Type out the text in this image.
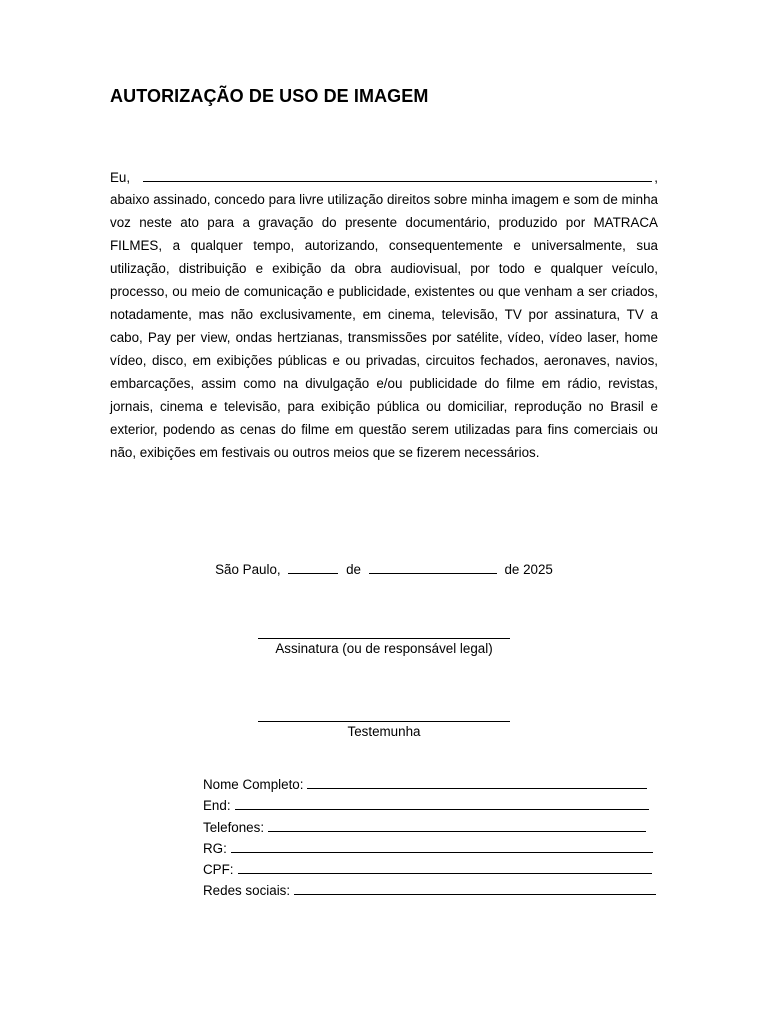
AUTORIZAÇÃO DE USO DE IMAGEM
Eu,	,
abaixo assinado, concedo para livre utilização direitos sobre minha imagem e som de minha voz neste ato para a gravação do presente documentário, produzido por MATRACA FILMES, a qualquer tempo, autorizando, consequentemente e universalmente, sua utilização, distribuição e exibição da obra audiovisual, por todo e qualquer veículo, processo, ou meio de comunicação e publicidade, existentes ou que venham a ser criados, notadamente, mas não exclusivamente, em cinema, televisão, TV por assinatura, TV a cabo, Pay per view, ondas hertzianas, transmissões por satélite, vídeo, vídeo laser, home vídeo, disco, em exibições públicas e ou privadas, circuitos fechados, aeronaves, navios, embarcações, assim como na divulgação e/ou publicidade do filme em rádio, revistas, jornais, cinema e televisão, para exibição pública ou domiciliar, reprodução no Brasil e exterior, podendo as cenas do filme em questão serem utilizadas para fins comerciais ou não, exibições em festivais ou outros meios que se fizerem necessários.
São Paulo,	de	de 2025
Assinatura (ou de responsável legal)
Testemunha
Nome Completo:
End:
Telefones:
RG:
CPF:
Redes sociais:
